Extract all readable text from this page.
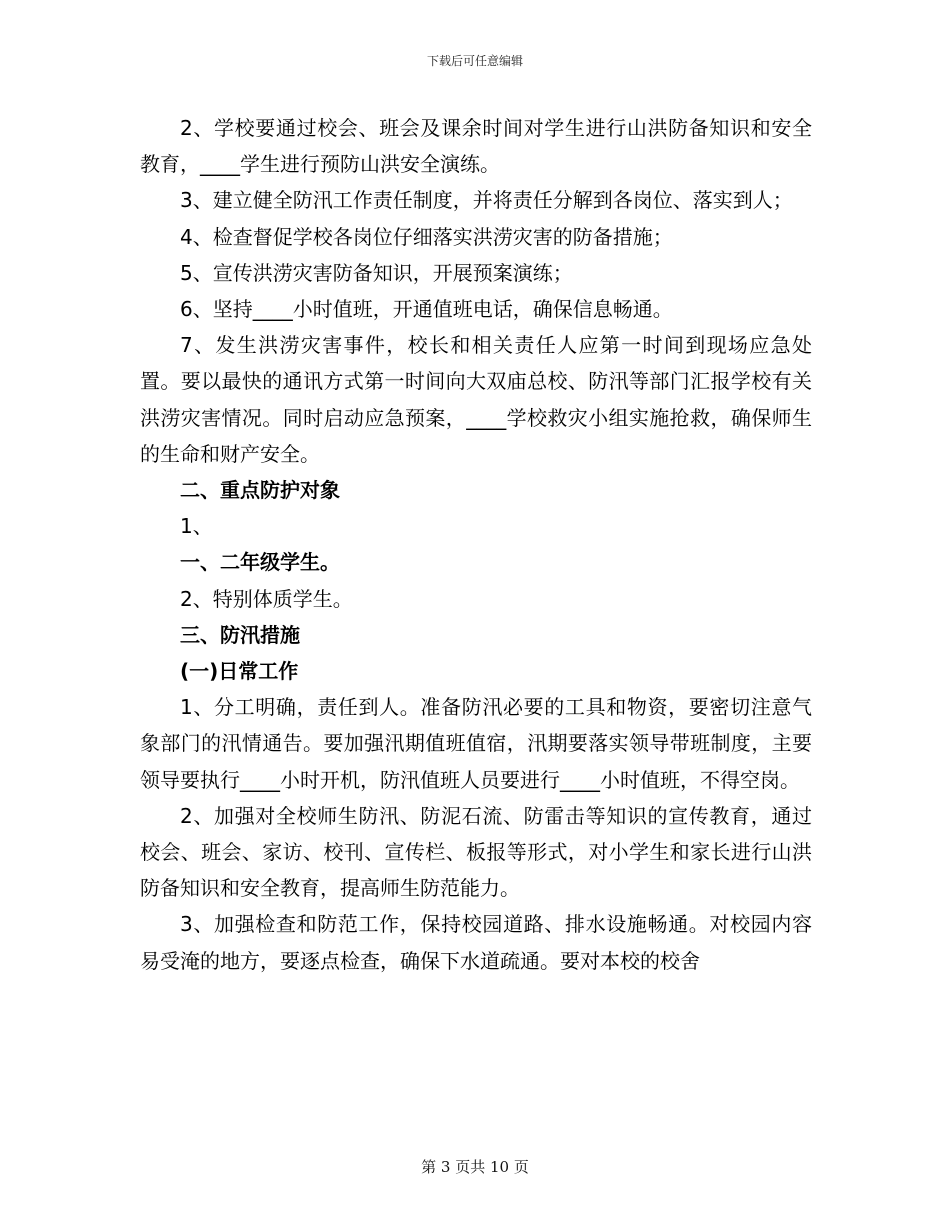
下载后可任意编辑

2、学校要通过校会、班会及课余时间对学生进行山洪防备知识和安全教育，____学生进行预防山洪安全演练。

3、建立健全防汛工作责任制度，并将责任分解到各岗位、落实到人；

4、检查督促学校各岗位仔细落实洪涝灾害的防备措施；

5、宣传洪涝灾害防备知识，开展预案演练；

6、坚持____小时值班，开通值班电话，确保信息畅通。

7、发生洪涝灾害事件，校长和相关责任人应第一时间到现场应急处置。要以最快的通讯方式第一时间向大双庙总校、防汛等部门汇报学校有关洪涝灾害情况。同时启动应急预案，____学校救灾小组实施抢救，确保师生的生命和财产安全。

二、重点防护对象

1、

一、二年级学生。

2、特别体质学生。

三、防汛措施

(一)日常工作

1、分工明确，责任到人。准备防汛必要的工具和物资，要密切注意气象部门的汛情通告。要加强汛期值班值宿，汛期要落实领导带班制度，主要领导要执行____小时开机，防汛值班人员要进行____小时值班，不得空岗。

2、加强对全校师生防汛、防泥石流、防雷击等知识的宣传教育，通过校会、班会、家访、校刊、宣传栏、板报等形式，对小学生和家长进行山洪防备知识和安全教育，提高师生防范能力。

3、加强检查和防范工作，保持校园道路、排水设施畅通。对校园内容易受淹的地方，要逐点检查，确保下水道疏通。要对本校的校舍

第 3 页共 10 页
